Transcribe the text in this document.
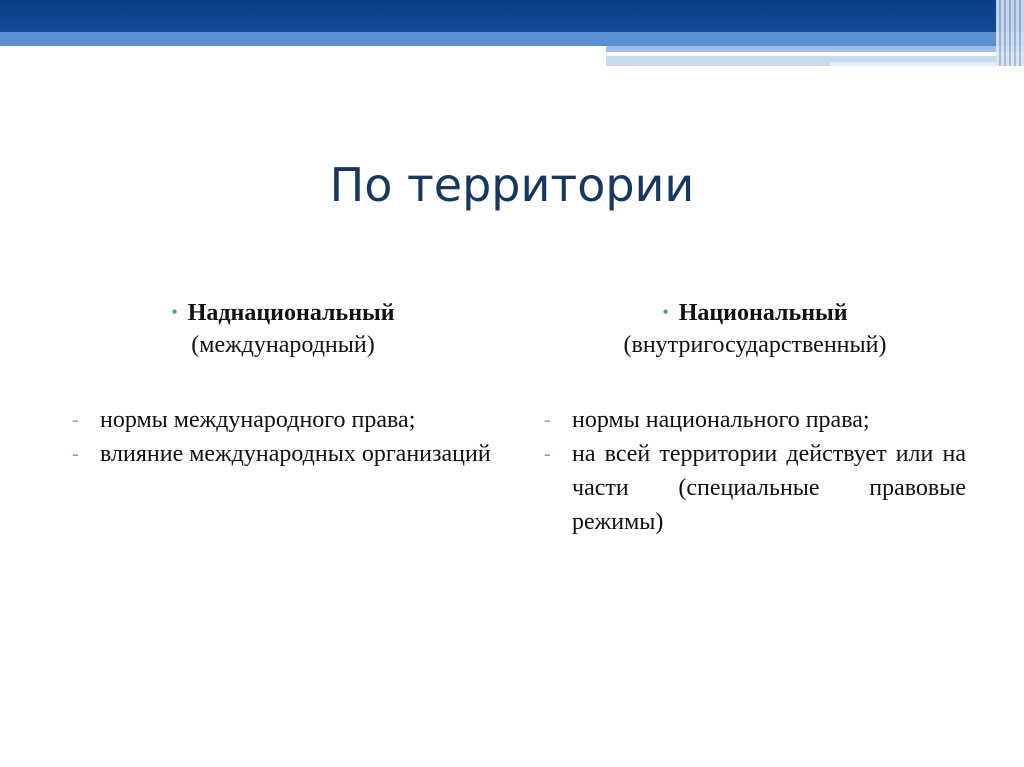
По территории
• Наднациональный
(международный)
- нормы международного права;
- влияние международных организаций
• Национальный
(внутригосударственный)
- нормы национального права;
- на всей территории действует или на части (специальные правовые режимы)
